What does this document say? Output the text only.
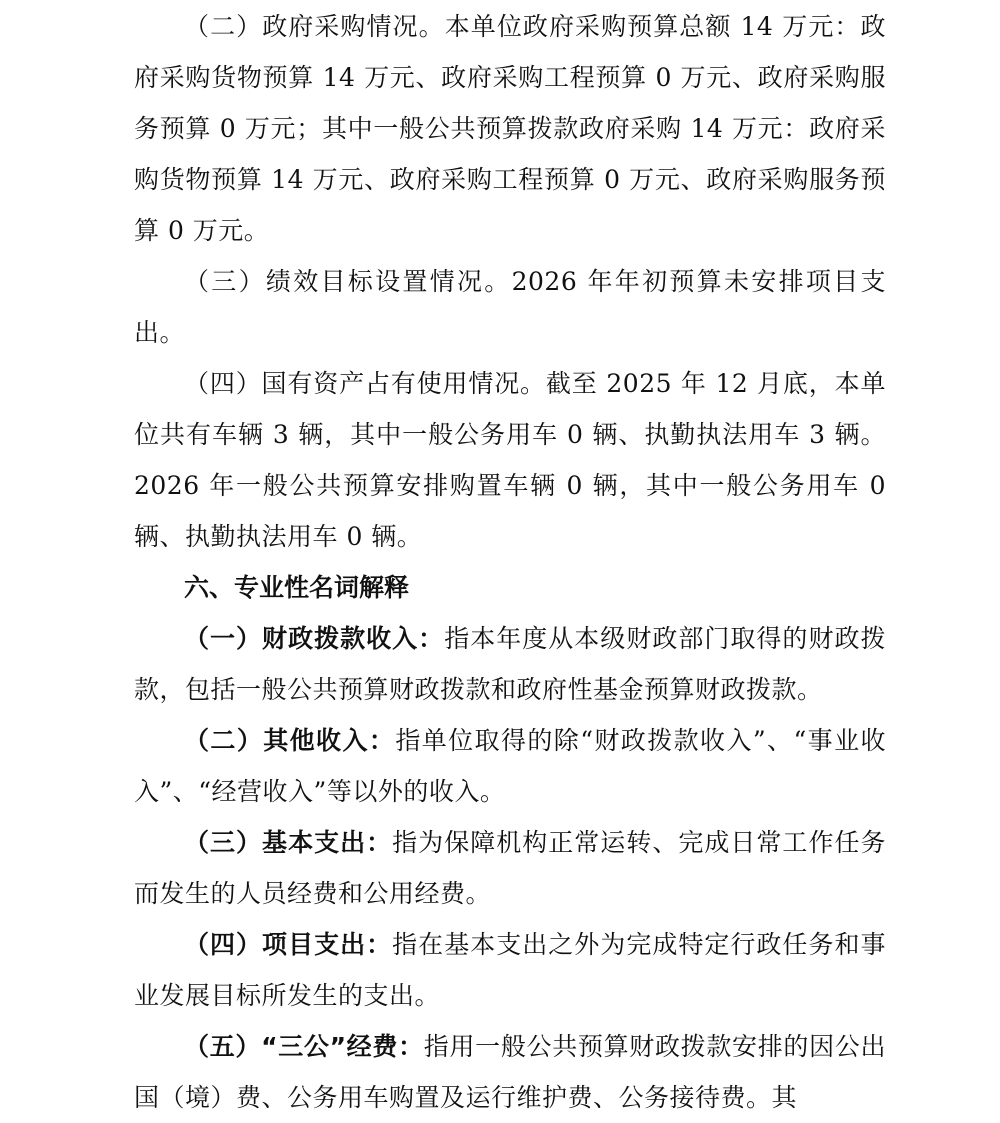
（二）政府采购情况。本单位政府采购预算总额 14 万元：政府采购货物预算 14 万元、政府采购工程预算 0 万元、政府采购服务预算 0 万元；其中一般公共预算拨款政府采购 14 万元：政府采购货物预算 14 万元、政府采购工程预算 0 万元、政府采购服务预算 0 万元。

（三）绩效目标设置情况。2026 年年初预算未安排项目支出。

（四）国有资产占有使用情况。截至 2025 年 12 月底，本单位共有车辆 3 辆，其中一般公务用车 0 辆、执勤执法用车 3 辆。2026 年一般公共预算安排购置车辆 0 辆，其中一般公务用车 0 辆、执勤执法用车 0 辆。

六、专业性名词解释

（一）财政拨款收入：指本年度从本级财政部门取得的财政拨款，包括一般公共预算财政拨款和政府性基金预算财政拨款。

（二）其他收入：指单位取得的除“财政拨款收入”、“事业收入”、“经营收入”等以外的收入。

（三）基本支出：指为保障机构正常运转、完成日常工作任务而发生的人员经费和公用经费。

（四）项目支出：指在基本支出之外为完成特定行政任务和事业发展目标所发生的支出。

（五）“三公”经费：指用一般公共预算财政拨款安排的因公出国（境）费、公务用车购置及运行维护费、公务接待费。其
